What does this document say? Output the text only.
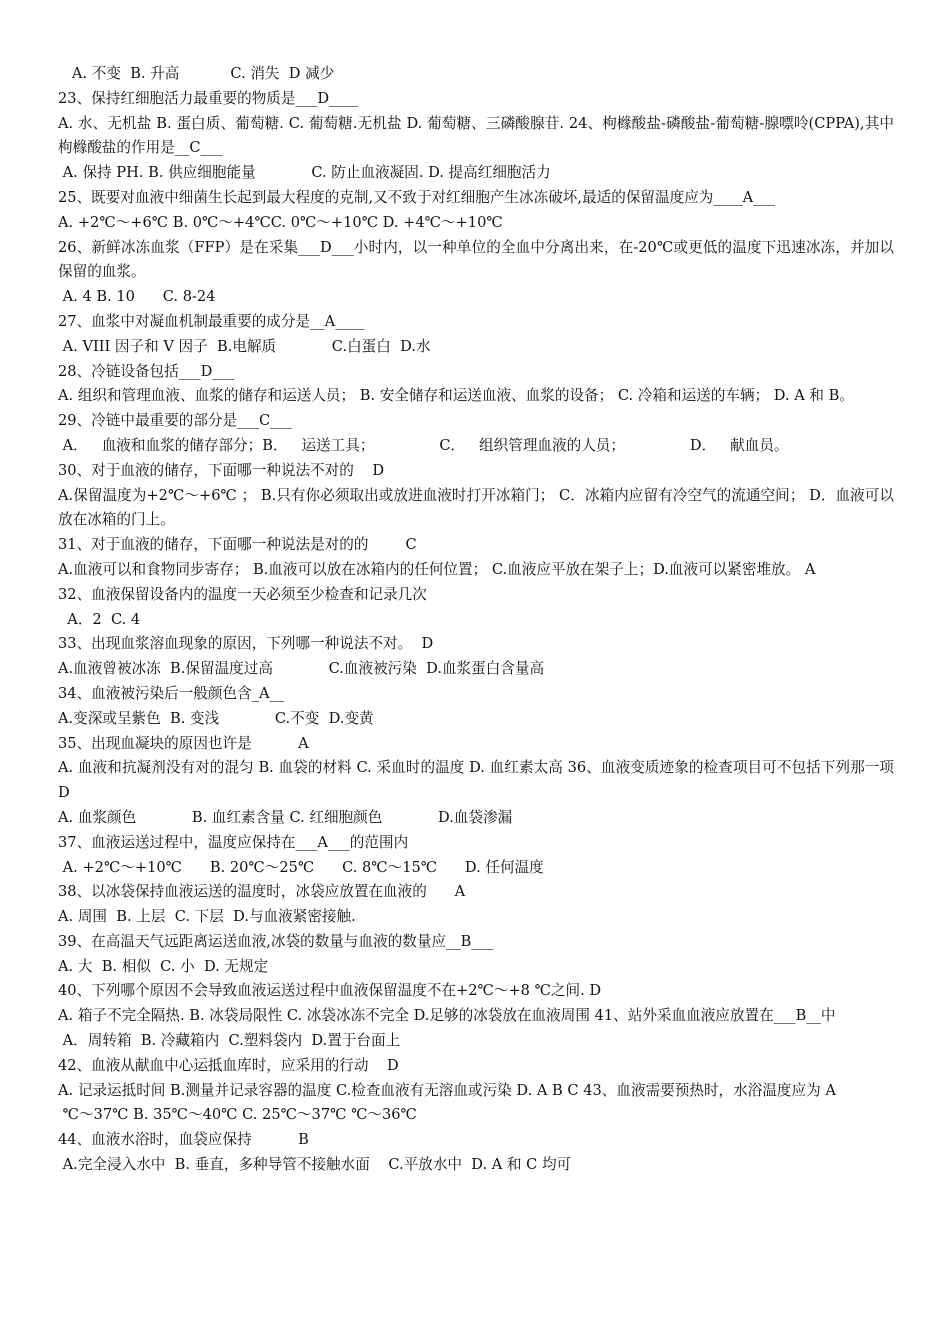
A. 不变  B. 升高           C. 消失  D 减少
23、保持红细胞活力最重要的物质是___D____
A. 水、无机盐 B. 蛋白质、葡萄糖. C. 葡萄糖.无机盐 D. 葡萄糖、三磷酸腺苷. 24、枸橼酸盐-磷酸盐-葡萄糖-腺嘌呤(CPPA),其中枸橼酸盐的作用是__C___
A. 保持 PH. B. 供应细胞能量            C. 防止血液凝固. D. 提高红细胞活力
25、既要对血液中细菌生长起到最大程度的克制,又不致于对红细胞产生冰冻破坏,最适的保留温度应为____A___
A. +2℃～+6℃ B. 0℃～+4℃C. 0℃～+10℃ D. +4℃～+10℃
26、新鲜冰冻血浆（FFP）是在采集___D___小时内，以一种单位的全血中分离出来，在-20℃或更低的温度下迅速冰冻，并加以保留的血浆。
A. 4 B. 10      C. 8-24
27、血浆中对凝血机制最重要的成分是__A____
A. VIII 因子和 V 因子  B.电解质            C.白蛋白  D.水
28、冷链设备包括___D___
A. 组织和管理血液、血浆的储存和运送人员； B. 安全储存和运送血液、血浆的设备； C. 冷箱和运送的车辆； D. A 和 B。
29、冷链中最重要的部分是___C___
A．   血液和血浆的储存部分；B．   运送工具；              C．   组织管理血液的人员；              D．   献血员。
30、对于血液的储存，下面哪一种说法不对的    D
A.保留温度为+2℃～+6℃ ； B.只有你必须取出或放进血液时打开冰箱门； C．冰箱内应留有冷空气的流通空间； D．血液可以放在冰箱的门上。
31、对于血液的储存，下面哪一种说法是对的的        C
A.血液可以和食物同步寄存； B.血液可以放在冰箱内的任何位置； C.血液应平放在架子上；D.血液可以紧密堆放。 A
32、血液保留设备内的温度一天必须至少检查和记录几次
A．2  C. 4
33、出现血浆溶血现象的原因，下列哪一种说法不对。  D
A.血液曾被冰冻  B.保留温度过高            C.血液被污染  D.血浆蛋白含量高
34、血液被污染后一般颜色含_A__
A.变深或呈紫色  B. 变浅            C.不变  D.变黄
35、出现血凝块的原因也许是          A
A. 血液和抗凝剂没有对的混匀 B. 血袋的材料 C. 采血时的温度 D. 血红素太高 36、血液变质迹象的检查项目可不包括下列那一项 D
A. 血浆颜色            B. 血红素含量 C. 红细胞颜色            D.血袋渗漏
37、血液运送过程中，温度应保持在___A___的范围内
A. +2℃～+10℃      B. 20℃～25℃      C. 8℃～15℃      D. 任何温度
38、以冰袋保持血液运送的温度时，冰袋应放置在血液的      A
A. 周围  B. 上层  C. 下层  D.与血液紧密接触.
39、在高温天气远距离运送血液,冰袋的数量与血液的数量应__B___
A. 大  B. 相似  C. 小  D. 无规定
40、下列哪个原因不会导致血液运送过程中血液保留温度不在+2℃～+8 ℃之间. D
A. 箱子不完全隔热. B. 冰袋局限性 C. 冰袋冰冻不完全 D.足够的冰袋放在血液周围 41、站外采血血液应放置在___B__中
A．周转箱  B. 冷藏箱内  C.塑料袋内  D.置于台面上
42、血液从献血中心运抵血库时，应采用的行动    D
A. 记录运抵时间 B.测量并记录容器的温度 C.检查血液有无溶血或污染 D. A B C 43、血液需要预热时，水浴温度应为 A
℃～37℃ B. 35℃～40℃ C. 25℃～37℃ ℃～36℃
44、血液水浴时，血袋应保持          B
A.完全浸入水中  B. 垂直，多种导管不接触水面    C.平放水中  D. A 和 C 均可
